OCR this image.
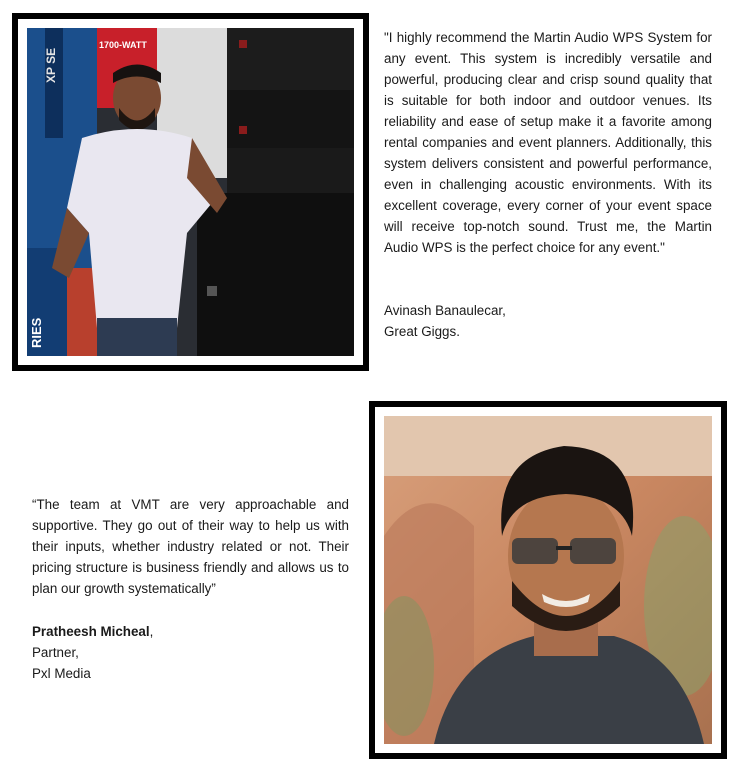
XP SE
1700-WATT
RIES

"I highly recommend the Martin Audio WPS System for any event. This system is incredibly versatile and powerful, producing clear and crisp sound quality that is suitable for both indoor and outdoor venues. Its reliability and ease of setup make it a favorite among rental companies and event planners. Additionally, this system delivers consistent and powerful performance, even in challenging acoustic environments. With its excellent coverage, every corner of your event space will receive top-notch sound. Trust me, the Martin Audio WPS is the perfect choice for any event."

Avinash Banaulecar,
Great Giggs.

“The team at VMT are very approachable and supportive. They go out of their way to help us with their inputs, whether industry related or not. Their pricing structure is business friendly and allows us to plan our growth systematically”

Pratheesh Micheal,
Partner,
Pxl Media
